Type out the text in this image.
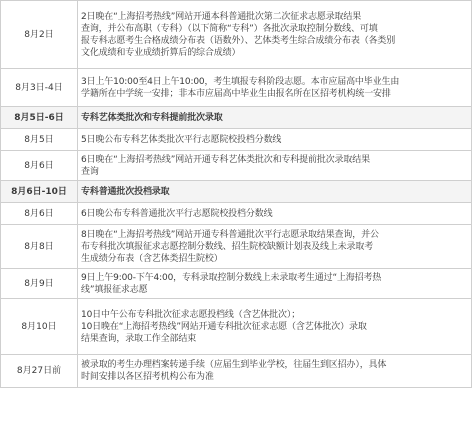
8月2日	2日晚在“上海招考热线”网站开通本科普通批次第二次征求志愿录取结果
查询，并公布高职（专科）（以下简称“专科”）各批次录取控制分数线、可填
报专科志愿考生合格成绩分布表（语数外）、艺体类考生综合成绩分布表（各类别
文化成绩和专业成绩折算后的综合成绩）

8月3日-4日	3日上午10:00至4日上午10:00，考生填报专科阶段志愿。本市应届高中毕业生由
学籍所在中学统一安排；非本市应届高中毕业生由报名所在区招考机构统一安排

8月5日-6日	专科艺体类批次和专科提前批次录取

8月5日	5日晚公布专科艺体类批次平行志愿院校投档分数线

8月6日	6日晚在“上海招考热线”网站开通专科艺体类批次和专科提前批次录取结果
查询

8月6日-10日	专科普通批次投档录取

8月6日	6日晚公布专科普通批次平行志愿院校投档分数线

8月8日	8日晚在“上海招考热线”网站开通专科普通批次平行志愿录取结果查询，并公
布专科批次填报征求志愿控制分数线、招生院校缺额计划表及线上未录取考
生成绩分布表（含艺体类招生院校）

8月9日	9日上午9:00-下午4:00，专科录取控制分数线上未录取考生通过“上海招考热
线”填报征求志愿

8月10日	10日中午公布专科批次征求志愿投档线（含艺体批次）；
10日晚在“上海招考热线”网站开通专科批次征求志愿（含艺体批次）录取
结果查询，录取工作全部结束

8月27日前	被录取的考生办理档案转递手续（应届生到毕业学校，往届生到区招办），具体
时间安排以各区招考机构公布为准
